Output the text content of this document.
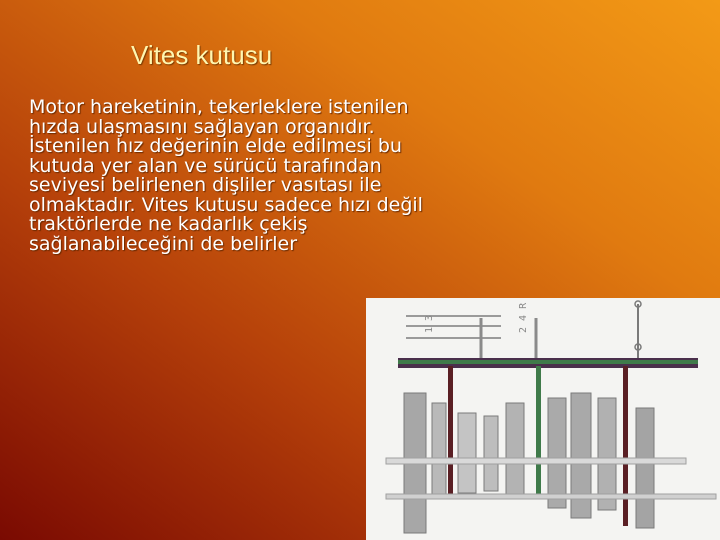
Vites kutusu
Motor hareketinin, tekerleklere istenilen
hızda ulaşmasını sağlayan organıdır.
İstenilen hız değerinin elde edilmesi bu
kutuda yer alan ve sürücü tarafından
seviyesi belirlenen dişliler vasıtası ile
olmaktadır. Vites kutusu sadece hızı değil
traktörlerde ne kadarlık çekiş
sağlanabileceğini de belirler
1 3	2 4 R
